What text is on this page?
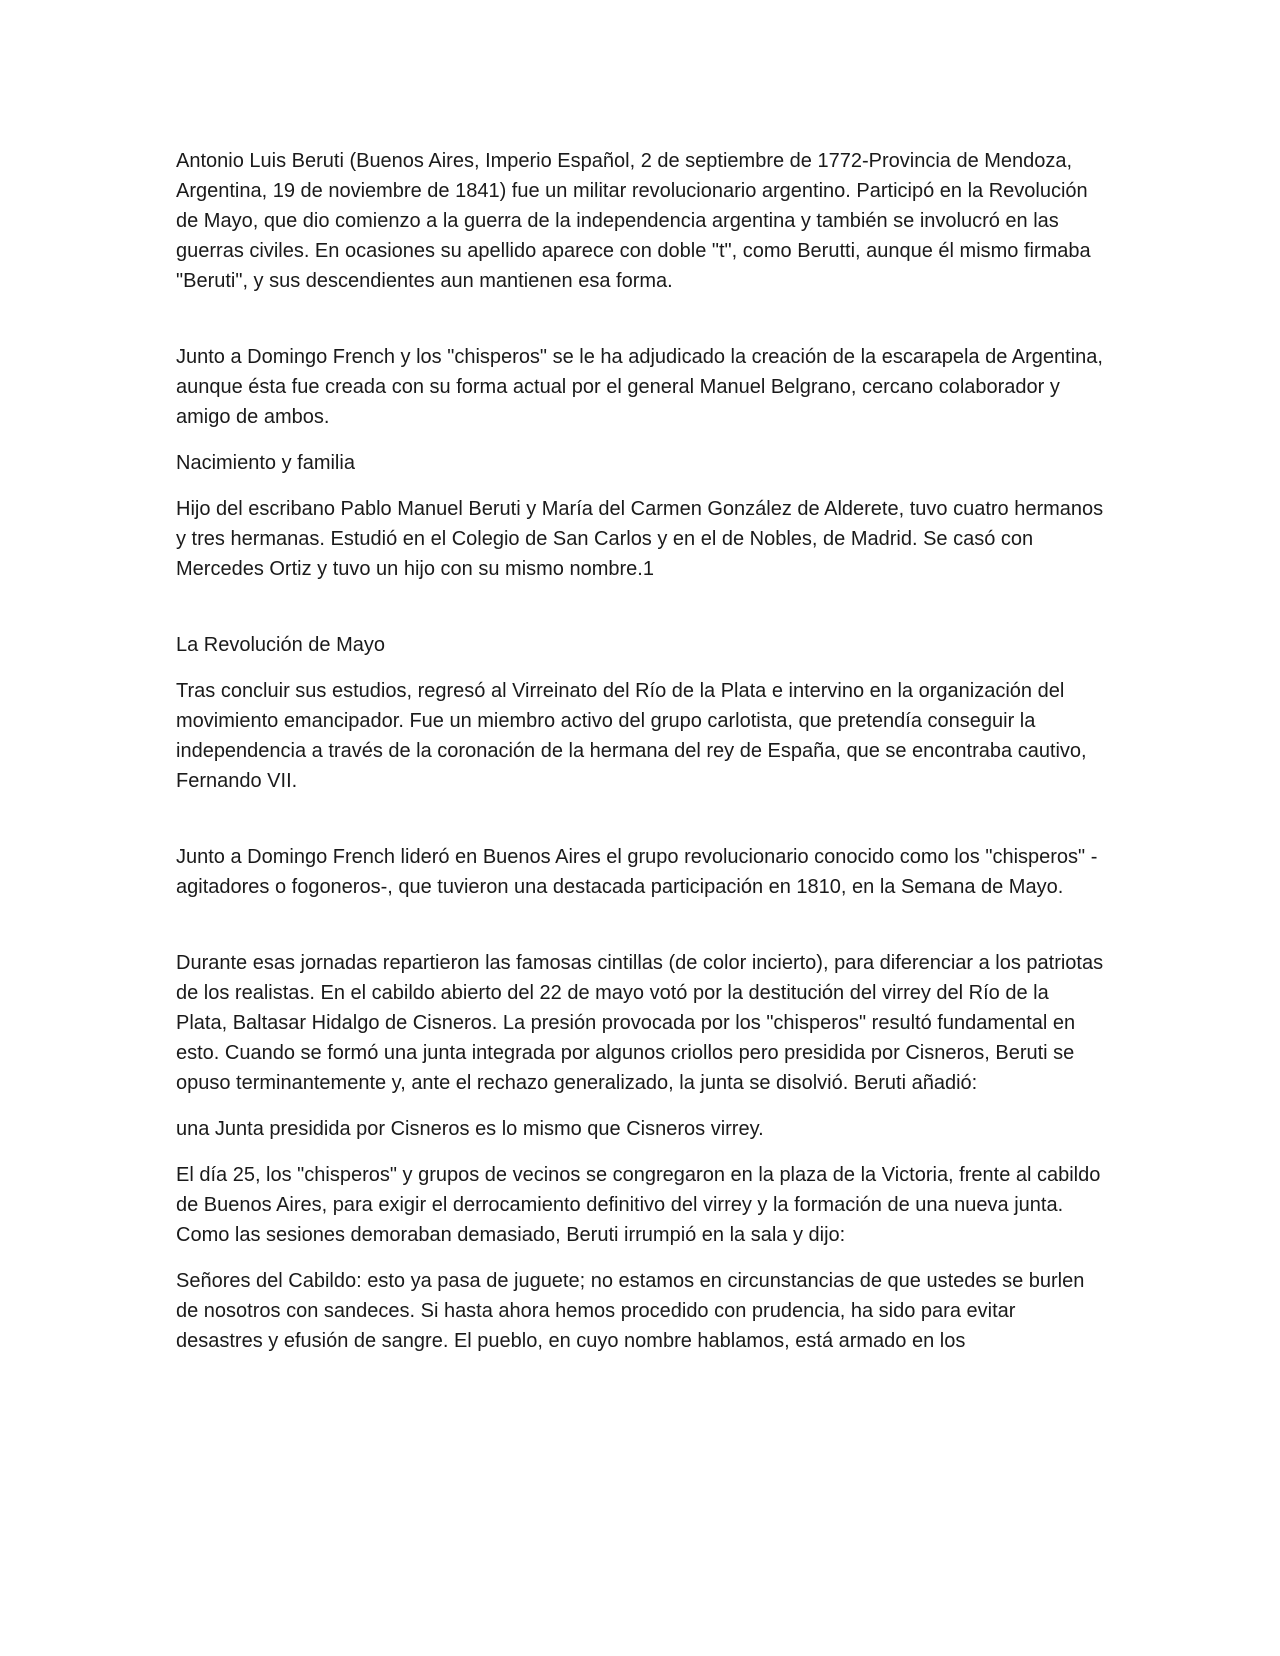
Antonio Luis Beruti (Buenos Aires, Imperio Español, 2 de septiembre de 1772-Provincia de Mendoza, Argentina, 19 de noviembre de 1841) fue un militar revolucionario argentino. Participó en la Revolución de Mayo, que dio comienzo a la guerra de la independencia argentina y también se involucró en las guerras civiles. En ocasiones su apellido aparece con doble "t", como Berutti, aunque él mismo firmaba "Beruti", y sus descendientes aun mantienen esa forma.

Junto a Domingo French y los "chisperos" se le ha adjudicado la creación de la escarapela de Argentina, aunque ésta fue creada con su forma actual por el general Manuel Belgrano, cercano colaborador y amigo de ambos.

Nacimiento y familia

Hijo del escribano Pablo Manuel Beruti y María del Carmen González de Alderete, tuvo cuatro hermanos y tres hermanas. Estudió en el Colegio de San Carlos y en el de Nobles, de Madrid. Se casó con Mercedes Ortiz y tuvo un hijo con su mismo nombre.1

La Revolución de Mayo

Tras concluir sus estudios, regresó al Virreinato del Río de la Plata e intervino en la organización del movimiento emancipador. Fue un miembro activo del grupo carlotista, que pretendía conseguir la independencia a través de la coronación de la hermana del rey de España, que se encontraba cautivo, Fernando VII.

Junto a Domingo French lideró en Buenos Aires el grupo revolucionario conocido como los "chisperos" -agitadores o fogoneros-, que tuvieron una destacada participación en 1810, en la Semana de Mayo.

Durante esas jornadas repartieron las famosas cintillas (de color incierto), para diferenciar a los patriotas de los realistas. En el cabildo abierto del 22 de mayo votó por la destitución del virrey del Río de la Plata, Baltasar Hidalgo de Cisneros. La presión provocada por los "chisperos" resultó fundamental en esto. Cuando se formó una junta integrada por algunos criollos pero presidida por Cisneros, Beruti se opuso terminantemente y, ante el rechazo generalizado, la junta se disolvió. Beruti añadió:

una Junta presidida por Cisneros es lo mismo que Cisneros virrey.

El día 25, los "chisperos" y grupos de vecinos se congregaron en la plaza de la Victoria, frente al cabildo de Buenos Aires, para exigir el derrocamiento definitivo del virrey y la formación de una nueva junta. Como las sesiones demoraban demasiado, Beruti irrumpió en la sala y dijo:

Señores del Cabildo: esto ya pasa de juguete; no estamos en circunstancias de que ustedes se burlen de nosotros con sandeces. Si hasta ahora hemos procedido con prudencia, ha sido para evitar desastres y efusión de sangre. El pueblo, en cuyo nombre hablamos, está armado en los
